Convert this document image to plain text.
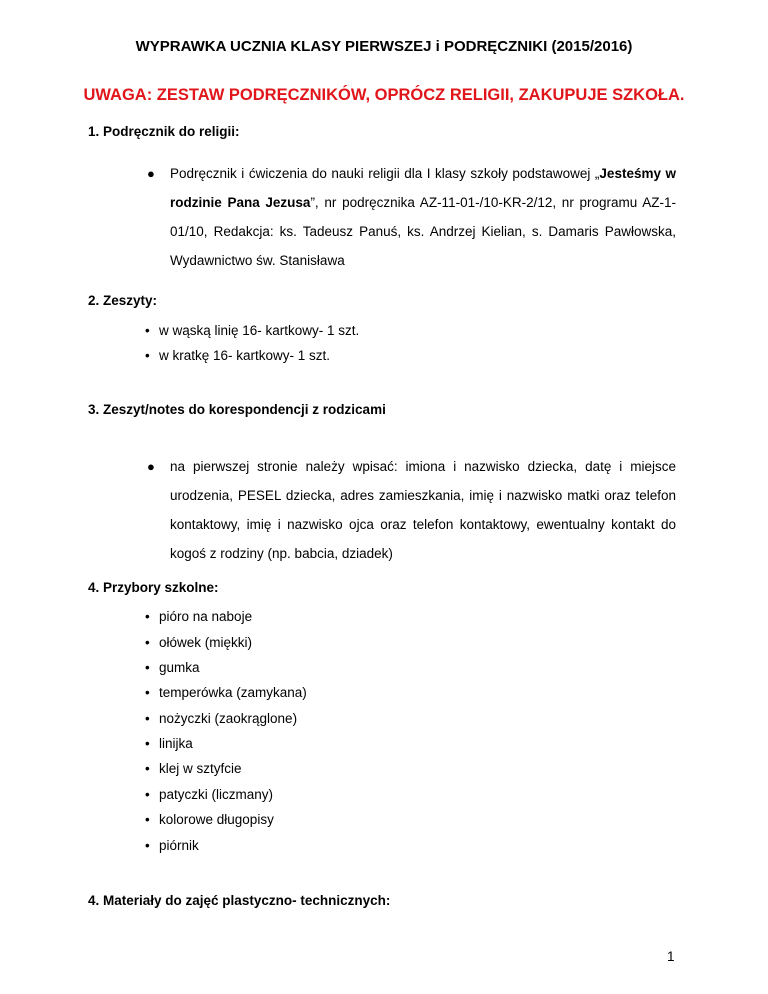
WYPRAWKA UCZNIA KLASY PIERWSZEJ i PODRĘCZNIKI (2015/2016)
UWAGA: ZESTAW PODRĘCZNIKÓW, OPRÓCZ RELIGII, ZAKUPUJE SZKOŁA.
1. Podręcznik do religii:
● Podręcznik i ćwiczenia do nauki religii dla I klasy szkoły podstawowej „Jesteśmy w rodzinie Pana Jezusa”, nr podręcznika AZ-11-01-/10-KR-2/12, nr programu AZ-1-01/10, Redakcja: ks. Tadeusz Panuś, ks. Andrzej Kielian, s. Damaris Pawłowska, Wydawnictwo św. Stanisława
2. Zeszyty:
• w wąską linię 16- kartkowy- 1 szt.
• w kratkę 16- kartkowy- 1 szt.
3. Zeszyt/notes do korespondencji z rodzicami
● na pierwszej stronie należy wpisać: imiona i nazwisko dziecka, datę i miejsce urodzenia, PESEL dziecka, adres zamieszkania, imię i nazwisko matki oraz telefon kontaktowy, imię i nazwisko ojca oraz telefon kontaktowy, ewentualny kontakt do kogoś z rodziny (np. babcia, dziadek)
4. Przybory szkolne:
• pióro na naboje
• ołówek (miękki)
• gumka
• temperówka (zamykana)
• nożyczki (zaokrąglone)
• linijka
• klej w sztyfcie
• patyczki (liczmany)
• kolorowe długopisy
• piórnik
4. Materiały do zajęć plastyczno- technicznych:
1
